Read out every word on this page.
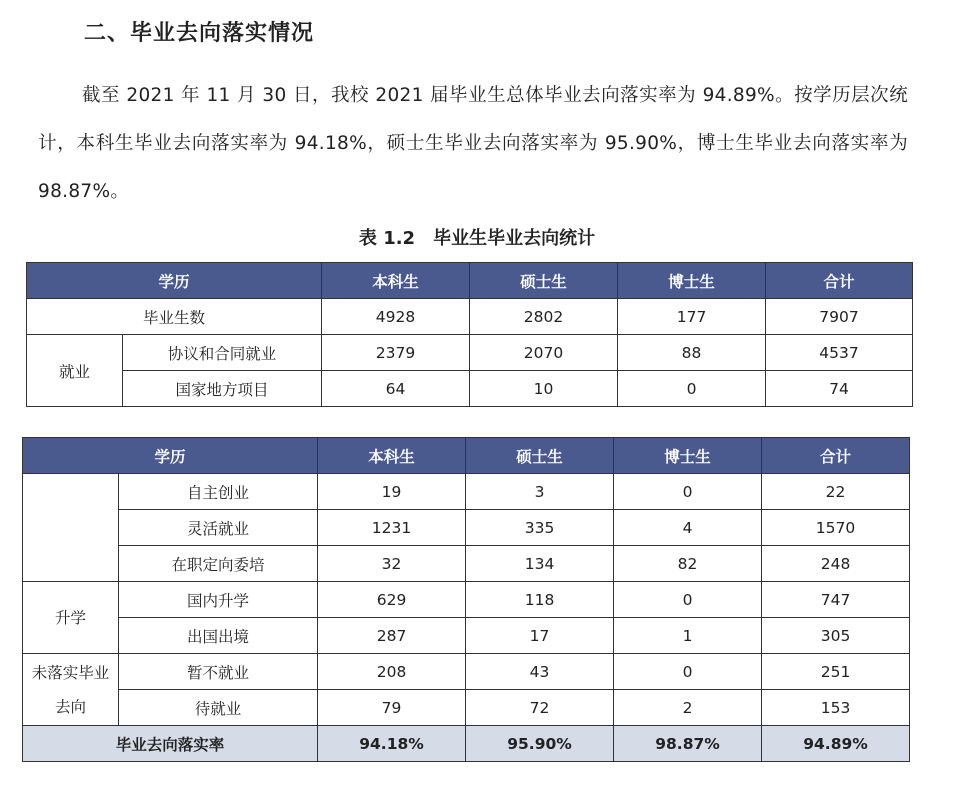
二、毕业去向落实情况
截至 2021 年 11 月 30 日，我校 2021 届毕业生总体毕业去向落实率为 94.89%。按学历层次统计，本科生毕业去向落实率为 94.18%，硕士生毕业去向落实率为 95.90%，博士生毕业去向落实率为 98.87%。
表 1.2　毕业生毕业去向统计
学历		本科生	硕士生	博士生	合计
毕业生数		4928	2802	177	7907
就业	协议和合同就业	2379	2070	88	4537
	国家地方项目	64	10	0	74
学历		本科生	硕士生	博士生	合计
	自主创业	19	3	0	22
	灵活就业	1231	335	4	1570
	在职定向委培	32	134	82	248
升学	国内升学	629	118	0	747
	出国出境	287	17	1	305
未落实毕业去向	暂不就业	208	43	0	251
	待就业	79	72	2	153
毕业去向落实率		94.18%	95.90%	98.87%	94.89%
